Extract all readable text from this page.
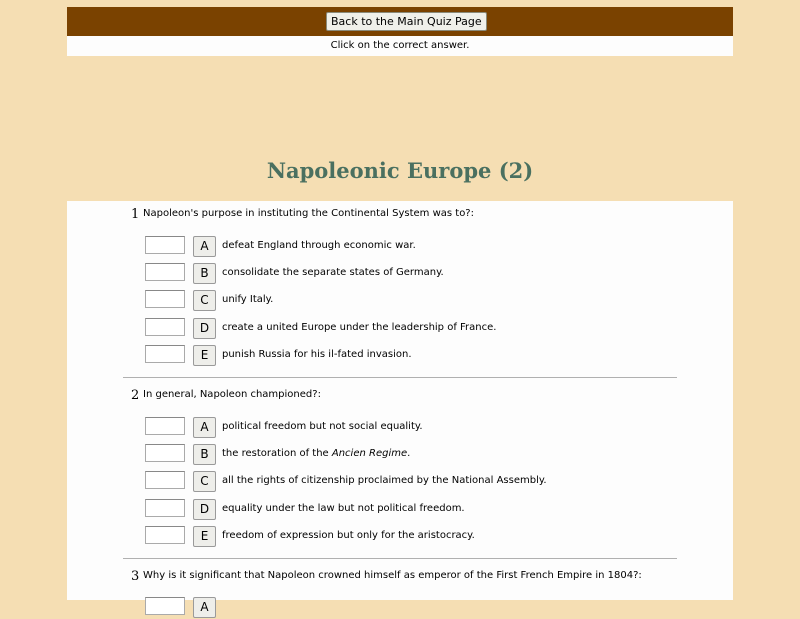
Back to the Main Quiz Page
Click on the correct answer.
Napoleonic Europe (2)
1 Napoleon's purpose in instituting the Continental System was to?:
A	defeat England through economic war.
B	consolidate the separate states of Germany.
C	unify Italy.
D	create a united Europe under the leadership of France.
E	punish Russia for his il-fated invasion.
2 In general, Napoleon championed?:
A	political freedom but not social equality.
B	the restoration of the Ancien Regime.
C	all the rights of citizenship proclaimed by the National Assembly.
D	equality under the law but not political freedom.
E	freedom of expression but only for the aristocracy.
3 Why is it significant that Napoleon crowned himself as emperor of the First French Empire in 1804?:
A
